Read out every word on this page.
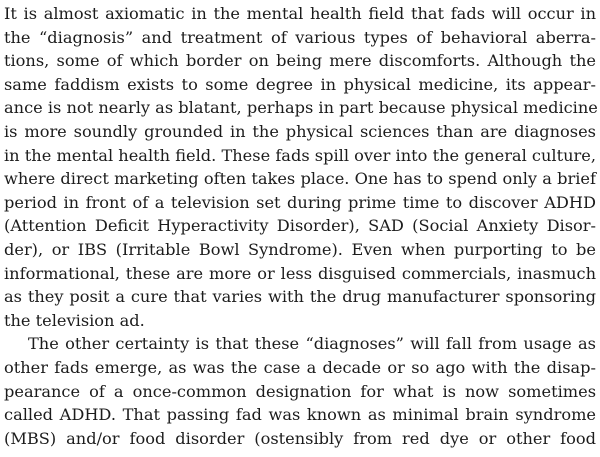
It is almost axiomatic in the mental health field that fads will occur in
the “diagnosis” and treatment of various types of behavioral aberra-
tions, some of which border on being mere discomforts. Although the
same faddism exists to some degree in physical medicine, its appear-
ance is not nearly as blatant, perhaps in part because physical medicine
is more soundly grounded in the physical sciences than are diagnoses
in the mental health field. These fads spill over into the general culture,
where direct marketing often takes place. One has to spend only a brief
period in front of a television set during prime time to discover ADHD
(Attention Deficit Hyperactivity Disorder), SAD (Social Anxiety Disor-
der), or IBS (Irritable Bowl Syndrome). Even when purporting to be
informational, these are more or less disguised commercials, inasmuch
as they posit a cure that varies with the drug manufacturer sponsoring
the television ad.
The other certainty is that these “diagnoses” will fall from usage as
other fads emerge, as was the case a decade or so ago with the disap-
pearance of a once-common designation for what is now sometimes
called ADHD. That passing fad was known as minimal brain syndrome
(MBS) and/or food disorder (ostensibly from red dye or other food
